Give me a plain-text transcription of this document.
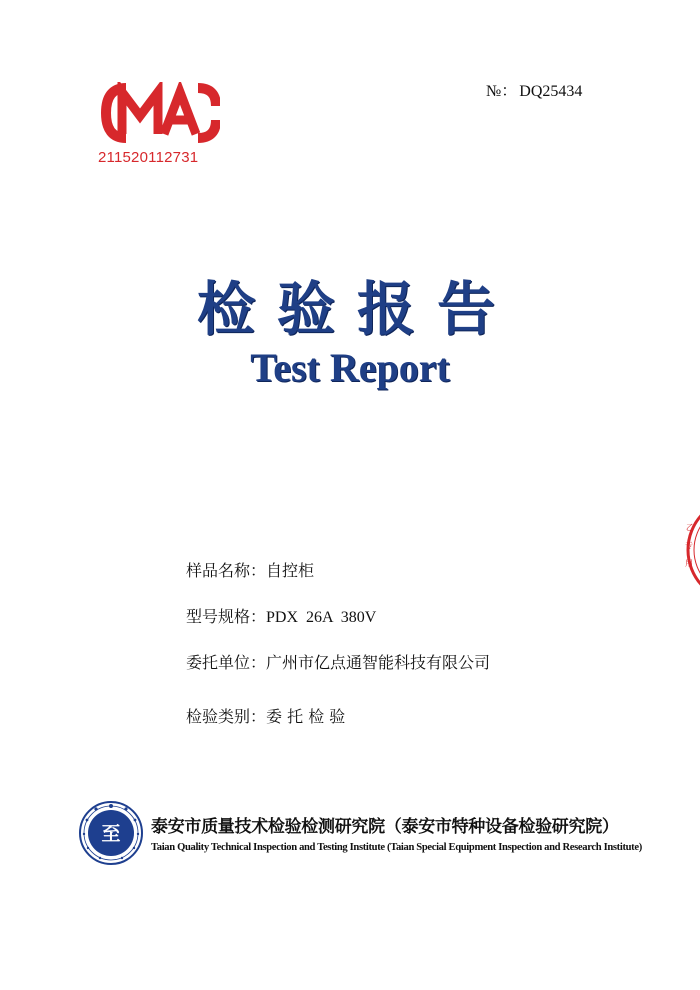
№： DQ25434
211520112731
检验报告
Test Report
乙
专
用
样品名称：自控柜
型号规格：PDX  26A  380V
委托单位：广州市亿点通智能科技有限公司
检验类别：委 托 检 验
至 泰安市质量技术检验检测研究院（泰安市特种设备检验研究院）
Taian Quality Technical Inspection and Testing Institute (Taian Special Equipment Inspection and Research Institute)
